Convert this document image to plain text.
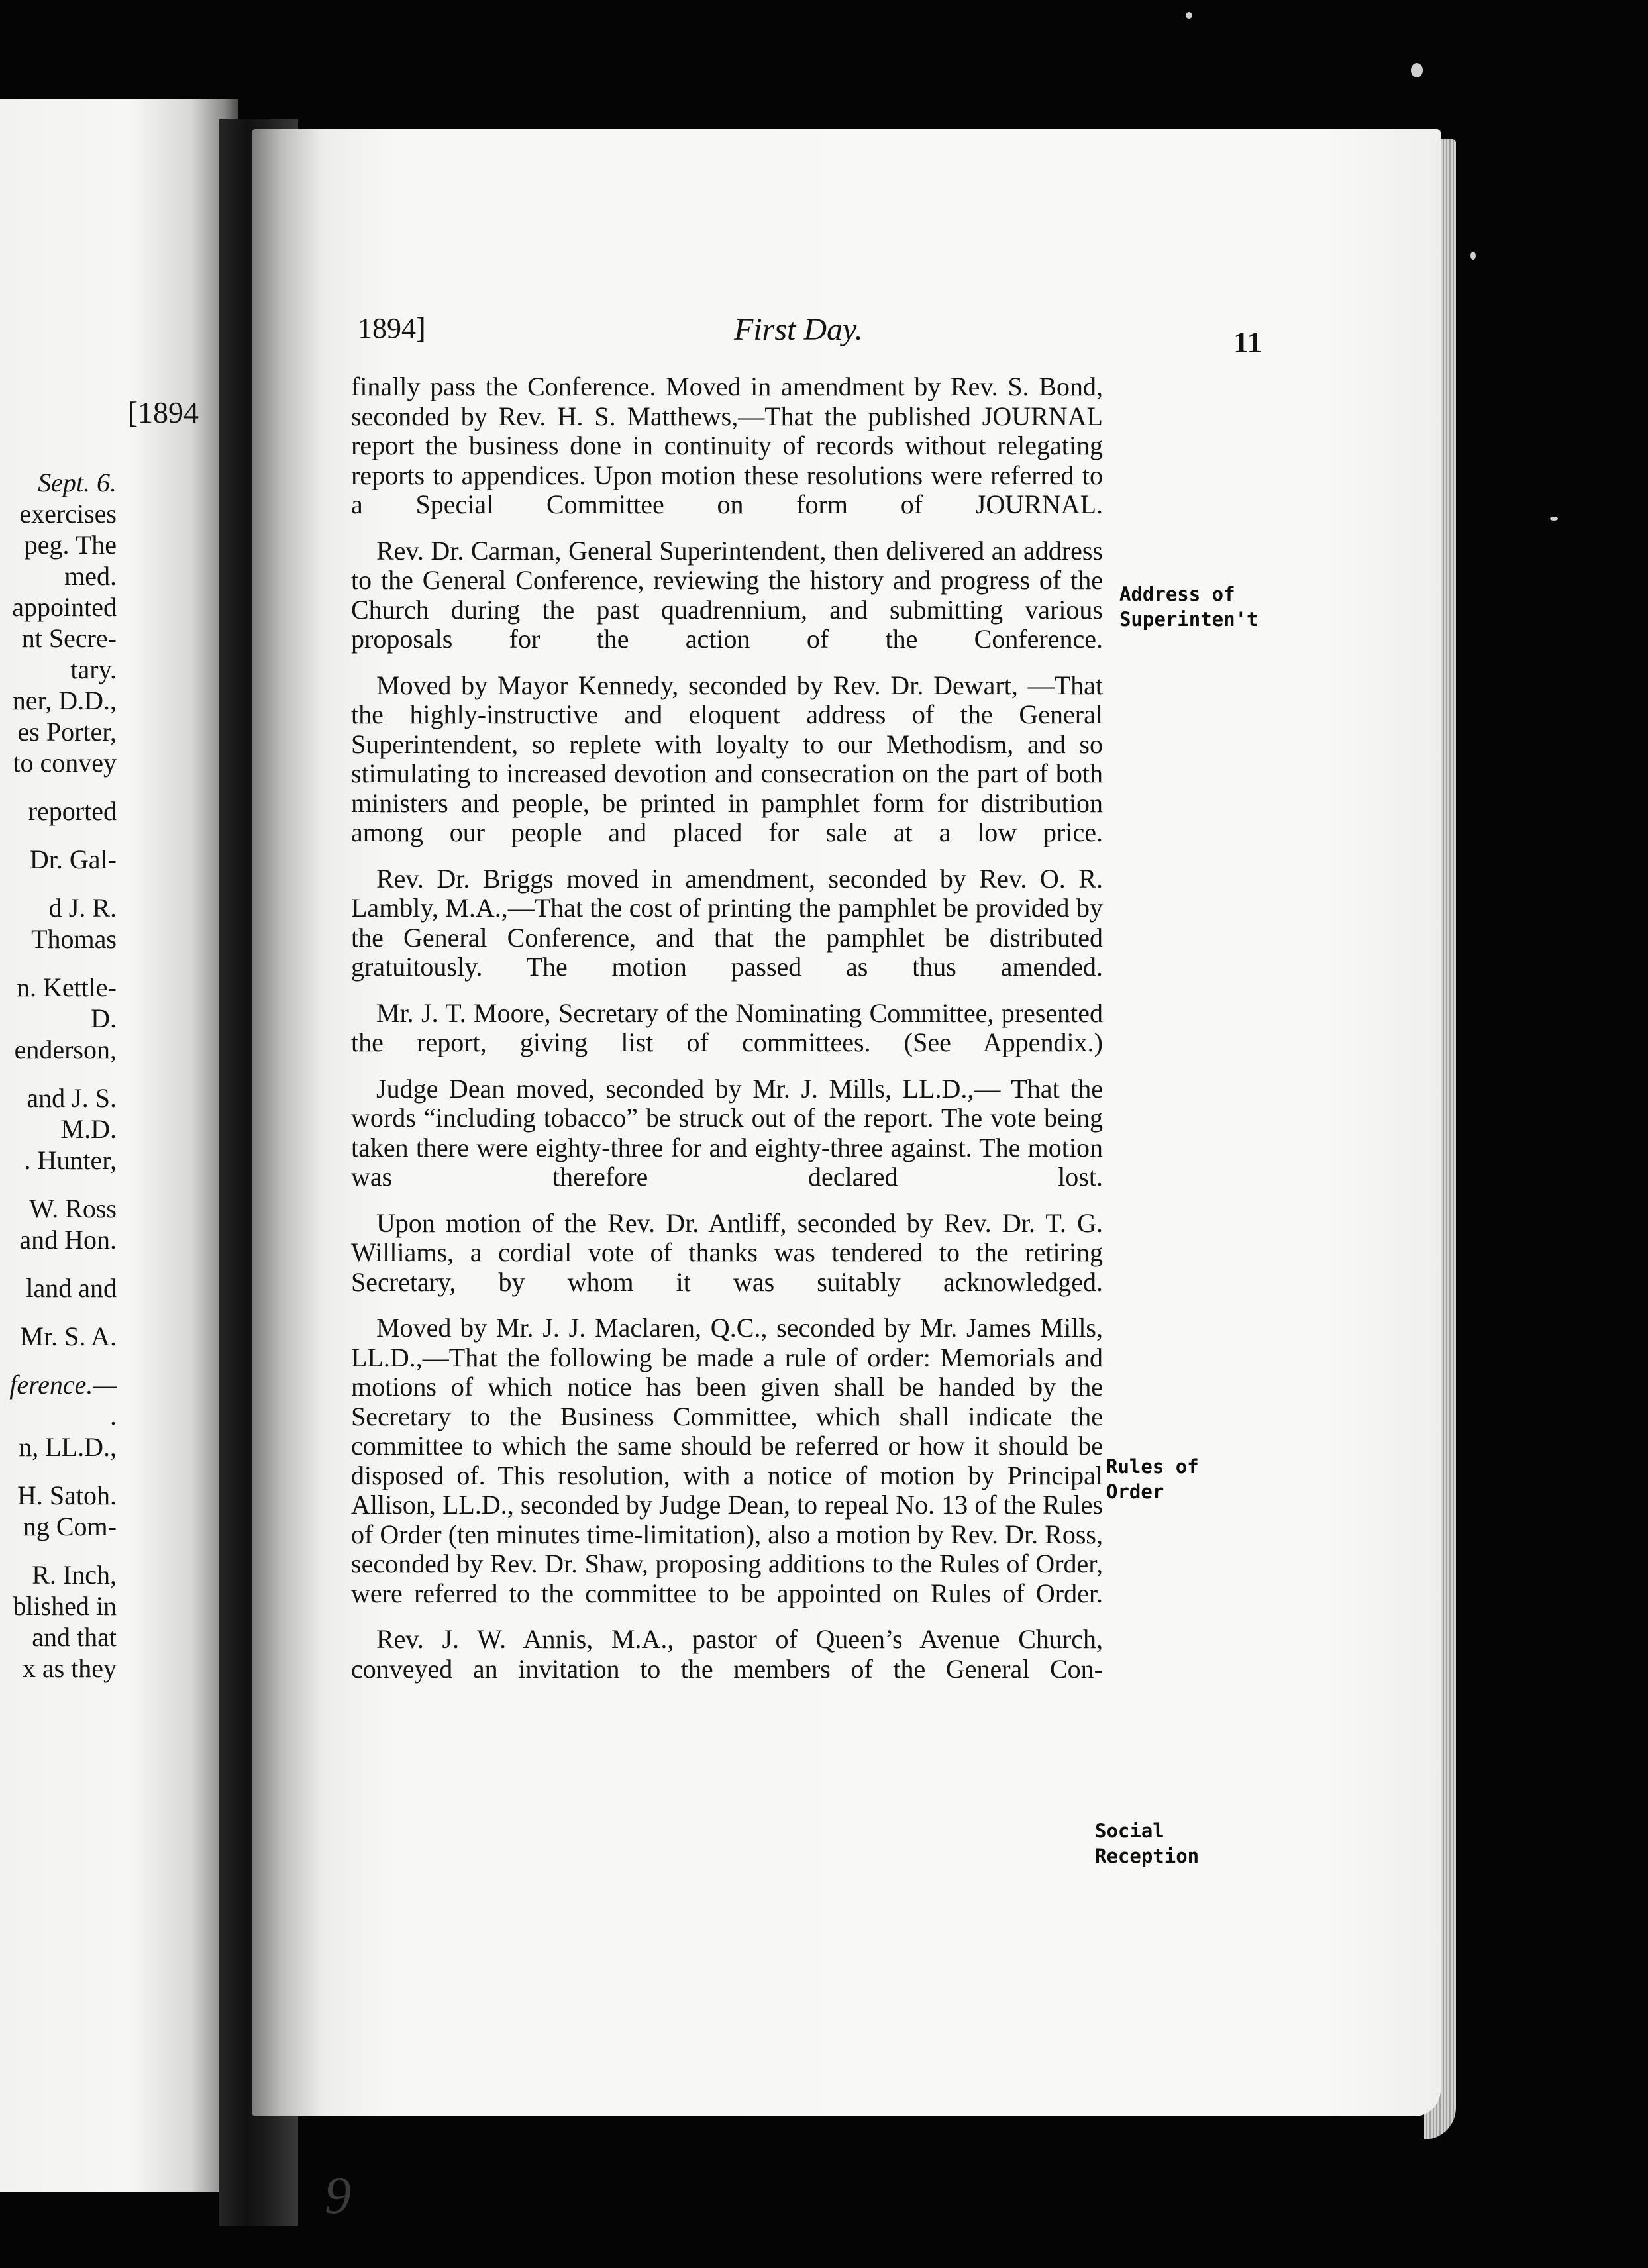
[1894
Sept. 6.
exercises
peg. The
med.
appointed
nt Secre-
tary.
ner, D.D.,
es Porter,
to convey
reported
Dr. Gal-
d J. R.
Thomas
n. Kettle-
D.
enderson,
and J. S.
M.D.
. Hunter,
W. Ross
and Hon.
land and
Mr. S. A.
ference.—
.
n, LL.D.,
H. Satoh.
ng Com-
R. Inch,
blished in
and that
x as they
1894]	First Day.	11

finally pass the Conference. Moved in amendment by Rev. S. Bond, seconded by Rev. H. S. Matthews,—That the published JOURNAL report the business done in continuity of records without relegating reports to appendices. Upon motion these resolutions were referred to a Special Committee on form of JOURNAL.

Rev. Dr. Carman, General Superintendent, then delivered an address to the General Conference, reviewing the history and progress of the Church during the past quadrennium, and submitting various proposals for the action of the Conference.

Moved by Mayor Kennedy, seconded by Rev. Dr. Dewart, —That the highly-instructive and eloquent address of the General Superintendent, so replete with loyalty to our Methodism, and so stimulating to increased devotion and consecration on the part of both ministers and people, be printed in pamphlet form for distribution among our people and placed for sale at a low price.

Rev. Dr. Briggs moved in amendment, seconded by Rev. O. R. Lambly, M.A.,—That the cost of printing the pamphlet be provided by the General Conference, and that the pamphlet be distributed gratuitously. The motion passed as thus amended.

Mr. J. T. Moore, Secretary of the Nominating Committee, presented the report, giving list of committees. (See Appendix.)

Judge Dean moved, seconded by Mr. J. Mills, LL.D.,— That the words “including tobacco” be struck out of the report. The vote being taken there were eighty-three for and eighty-three against. The motion was therefore declared lost.

Upon motion of the Rev. Dr. Antliff, seconded by Rev. Dr. T. G. Williams, a cordial vote of thanks was tendered to the retiring Secretary, by whom it was suitably acknowledged.

Moved by Mr. J. J. Maclaren, Q.C., seconded by Mr. James Mills, LL.D.,—That the following be made a rule of order: Memorials and motions of which notice has been given shall be handed by the Secretary to the Business Committee, which shall indicate the committee to which the same should be referred or how it should be disposed of. This resolution, with a notice of motion by Principal Allison, LL.D., seconded by Judge Dean, to repeal No. 13 of the Rules of Order (ten minutes time-limitation), also a motion by Rev. Dr. Ross, seconded by Rev. Dr. Shaw, proposing additions to the Rules of Order, were referred to the committee to be appointed on Rules of Order.

Rev. J. W. Annis, M.A., pastor of Queen’s Avenue Church, conveyed an invitation to the members of the General Con-

Address of
Superinten't
Rules of
Order
Social
Reception
9
